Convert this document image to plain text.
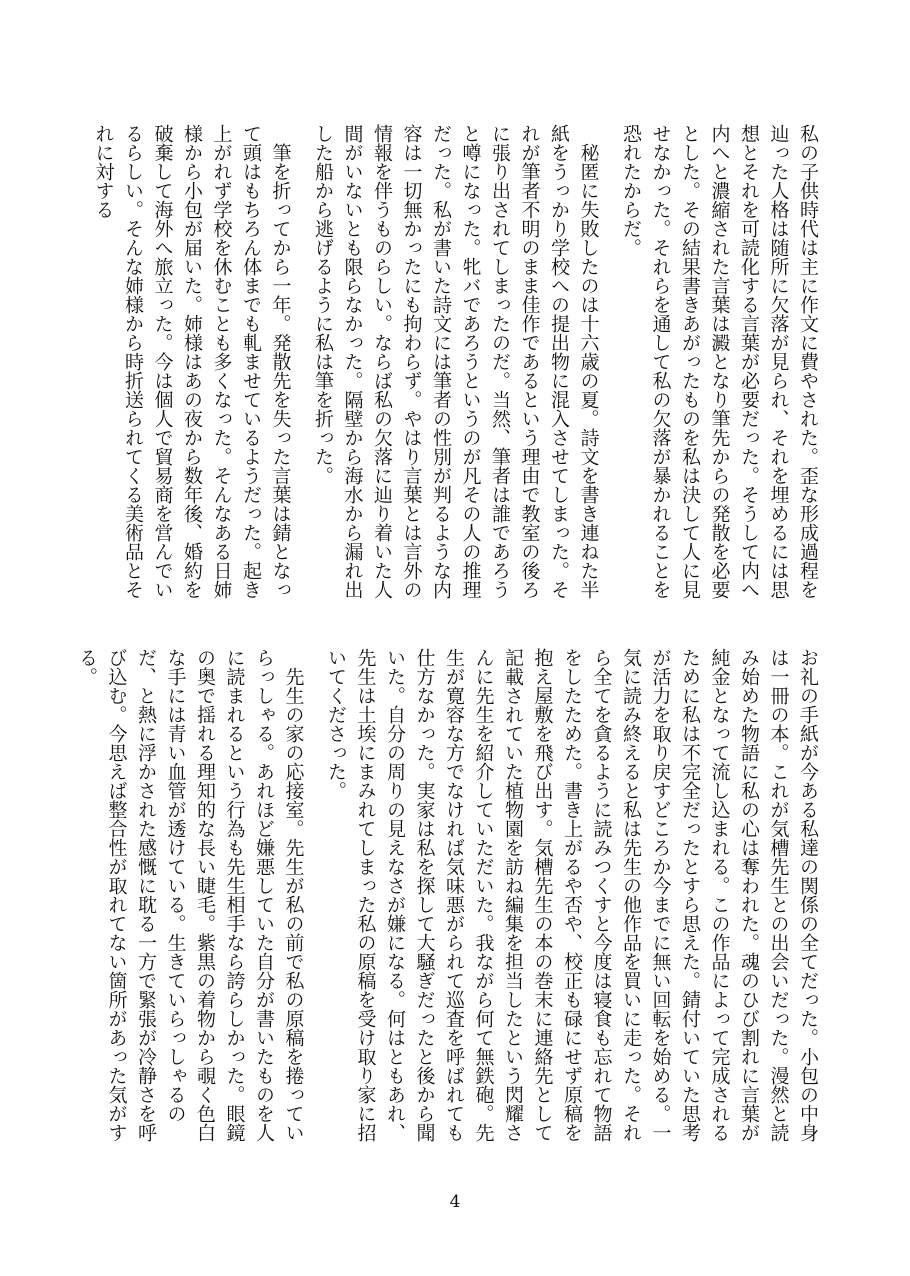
私の子供時代は主に作文に費やされた。歪な形成過程を辿った人格は随所に欠落が見られ、それを埋めるには思想とそれを可読化する言葉が必要だった。そうして内へ内へと濃縮された言葉は澱となり筆先からの発散を必要とした。その結果書きあがったものを私は決して人に見せなかった。それらを通して私の欠落が暴かれることを恐れたからだ。

秘匿に失敗したのは十六歳の夏。詩文を書き連ねた半紙をうっかり学校への提出物に混入させてしまった。それが筆者不明のまま佳作であるという理由で教室の後ろに張り出されてしまったのだ。当然、筆者は誰であろうと噂になった。牝バであろうというのが凡その人の推理だった。私が書いた詩文には筆者の性別が判るような内容は一切無かったにも拘わらず。やはり言葉とは言外の情報を伴うものらしい。ならば私の欠落に辿り着いた人間がいないとも限らなかった。隔壁から海水から漏れ出した船から逃げるように私は筆を折った。

筆を折ってから一年。発散先を失った言葉は錆となって頭はもちろん体までも軋ませているようだった。起き上がれず学校を休むことも多くなった。そんなある日姉様から小包が届いた。姉様はあの夜から数年後、婚約を破棄して海外へ旅立った。今は個人で貿易商を営んでいるらしい。そんな姉様から時折送られてくる美術品とそれに対する

お礼の手紙が今ある私達の関係の全てだった。小包の中身は一冊の本。これが気槽先生との出会いだった。漫然と読み始めた物語に私の心は奪われた。魂のひび割れに言葉が純金となって流し込まれる。この作品によって完成されるために私は不完全だったとすら思えた。錆付いていた思考が活力を取り戻すどころか今までに無い回転を始める。一気に読み終えると私は先生の他作品を買いに走った。それら全てを貪るように読みつくすと今度は寝食も忘れて物語をしたためた。書き上がるや否や、校正も碌にせず原稿を抱え屋敷を飛び出す。気槽先生の本の巻末に連絡先として記載されていた植物園を訪ね編集を担当したという閃耀さんに先生を紹介していただいた。我ながら何て無鉄砲。先生が寛容な方でなければ気味悪がられて巡査を呼ばれても仕方なかった。実家は私を探して大騒ぎだったと後から聞いた。自分の周りの見えなさが嫌になる。何はともあれ、先生は土埃にまみれてしまった私の原稿を受け取り家に招いてくださった。

先生の家の応接室。先生が私の前で私の原稿を捲っていらっしゃる。あれほど嫌悪していた自分が書いたものを人に読まれるという行為も先生相手なら誇らしかった。眼鏡の奥で揺れる理知的な長い睫毛。紫黒の着物から覗く色白な手には青い血管が透けている。生きていらっしゃるのだ、と熱に浮かされた感慨に耽る一方で緊張が冷静さを呼び込む。今思えば整合性が取れてない箇所があった気がする。

4
